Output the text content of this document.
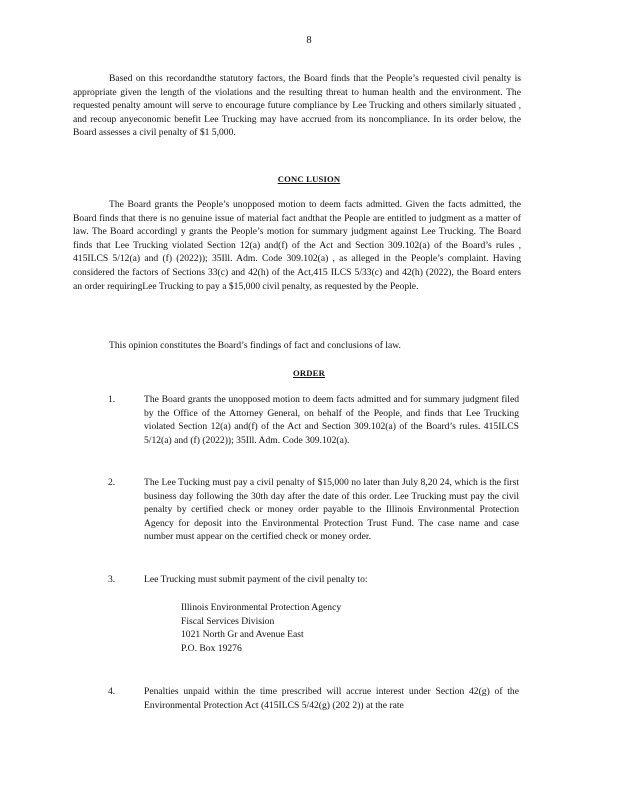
8

Based on this recordandthe statutory factors, the Board finds that the People’s requested civil penalty is appropriate given the length of the violations and the resulting threat to human health and the environment. The requested penalty amount will serve to encourage future compliance by Lee Trucking and others similarly situated , and recoup anyeconomic benefit Lee Trucking may have accrued from its noncompliance. In its order below, the Board assesses a civil penalty of $1 5,000.

CONC LUSION

The Board grants the People’s unopposed motion to deem facts admitted. Given the facts admitted, the Board finds that there is no genuine issue of material fact andthat the People are entitled to judgment as a matter of law. The Board accordingl y grants the People’s motion for summary judgment against Lee Trucking. The Board finds that Lee Trucking violated Section 12(a) and(f) of the Act and Section 309.102(a) of the Board’s rules , 415ILCS 5/12(a) and (f) (2022)); 35Ill. Adm. Code 309.102(a) , as alleged in the People’s complaint. Having considered the factors of Sections 33(c) and 42(h) of the Act,415 ILCS 5/33(c) and 42(h) (2022), the Board enters an order requiringLee Trucking to pay a $15,000 civil penalty, as requested by the People.

This opinion constitutes the Board’s findings of fact and conclusions of law.

ORDER
1.	The Board grants the unopposed motion to deem facts admitted and for summary judgment filed by the Office of the Attorney General, on behalf of the People, and finds that Lee Trucking violated Section 12(a) and(f) of the Act and Section 309.102(a) of the Board’s rules. 415ILCS 5/12(a) and (f) (2022)); 35Ill. Adm. Code 309.102(a).

2.	The Lee Tucking must pay a civil penalty of $15,000 no later than July 8,20 24, which is the first business day following the 30th day after the date of this order. Lee Trucking must pay the civil penalty by certified check or money order payable to the Illinois Environmental Protection Agency for deposit into the Environmental Protection Trust Fund. The case name and case number must appear on the certified check or money order.

3.	Lee Trucking must submit payment of the civil penalty to:

Illinois Environmental Protection Agency
Fiscal Services Division
1021 North Gr and Avenue East
P.O. Box 19276
4.	Penalties unpaid within the time prescribed will accrue interest under Section 42(g) of the Environmental Protection Act (415ILCS 5/42(g) (202 2)) at the rate
